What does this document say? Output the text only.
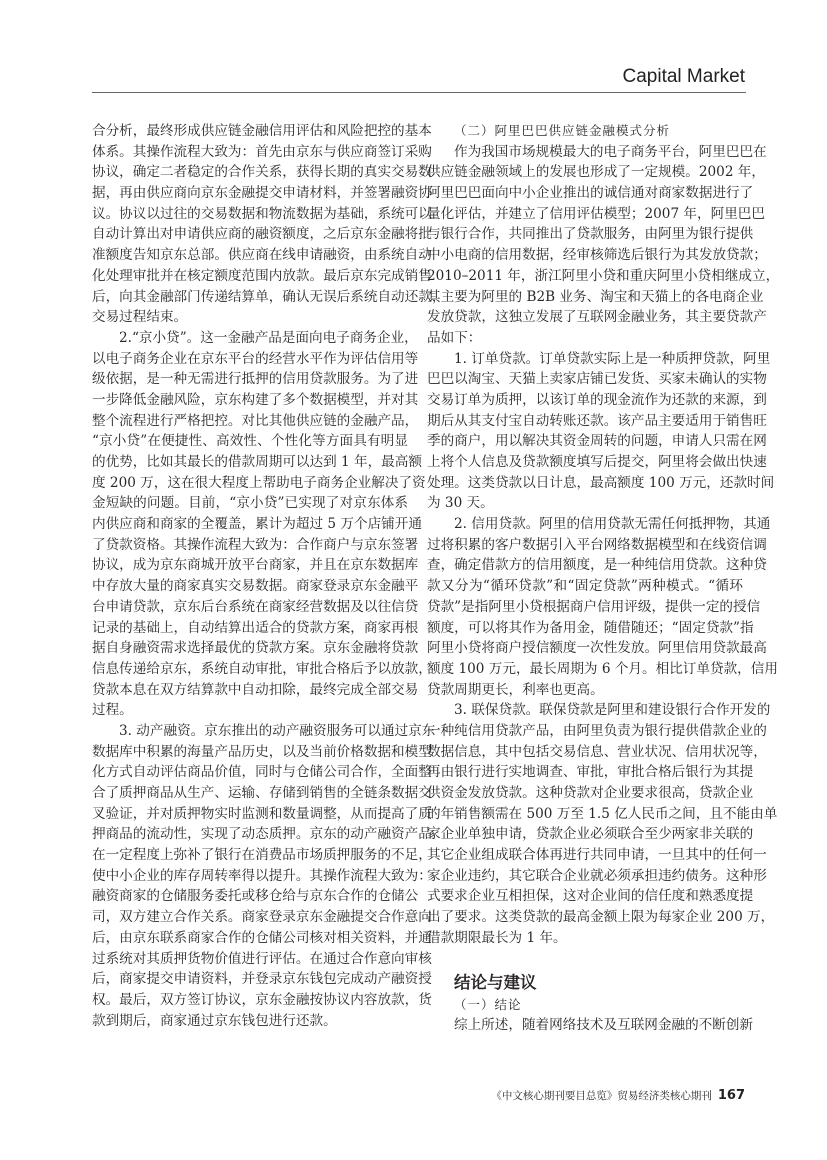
Capital Market
合分析，最终形成供应链金融信用评估和风险把控的基本
体系。其操作流程大致为：首先由京东与供应商签订采购
协议，确定二者稳定的合作关系，获得长期的真实交易数
据，再由供应商向京东金融提交申请材料，并签署融资协
议。协议以过往的交易数据和物流数据为基础，系统可以
自动计算出对申请供应商的融资额度，之后京东金融将批
准额度告知京东总部。供应商在线申请融资，由系统自动
化处理审批并在核定额度范围内放款。最后京东完成销售
后，向其金融部门传递结算单，确认无误后系统自动还款，
交易过程结束。
2.“京小贷”。这一金融产品是面向电子商务企业，
以电子商务企业在京东平台的经营水平作为评估信用等
级依据，是一种无需进行抵押的信用贷款服务。为了进
一步降低金融风险，京东构建了多个数据模型，并对其
整个流程进行严格把控。对比其他供应链的金融产品，
“京小贷”在便捷性、高效性、个性化等方面具有明显
的优势，比如其最长的借款周期可以达到 1 年，最高额
度 200 万，这在很大程度上帮助电子商务企业解决了资
金短缺的问题。目前，“京小贷”已实现了对京东体系
内供应商和商家的全覆盖，累计为超过 5 万个店铺开通
了贷款资格。其操作流程大致为：合作商户与京东签署
协议，成为京东商城开放平台商家，并且在京东数据库
中存放大量的商家真实交易数据。商家登录京东金融平
台申请贷款，京东后台系统在商家经营数据及以往信贷
记录的基础上，自动结算出适合的贷款方案，商家再根
据自身融资需求选择最优的贷款方案。京东金融将贷款
信息传递给京东，系统自动审批，审批合格后予以放款，
贷款本息在双方结算款中自动扣除，最终完成全部交易
过程。
3. 动产融资。京东推出的动产融资服务可以通过京东
数据库中积累的海量产品历史，以及当前价格数据和模型
化方式自动评估商品价值，同时与仓储公司合作，全面整
合了质押商品从生产、运输、存储到销售的全链条数据交
叉验证，并对质押物实时监测和数量调整，从而提高了质
押商品的流动性，实现了动态质押。京东的动产融资产品
在一定程度上弥补了银行在消费品市场质押服务的不足，
使中小企业的库存周转率得以提升。其操作流程大致为：
融资商家的仓储服务委托或移仓给与京东合作的仓储公
司，双方建立合作关系。商家登录京东金融提交合作意向
后，由京东联系商家合作的仓储公司核对相关资料，并通
过系统对其质押货物价值进行评估。在通过合作意向审核
后，商家提交申请资料，并登录京东钱包完成动产融资授
权。最后，双方签订协议，京东金融按协议内容放款，货
款到期后，商家通过京东钱包进行还款。
（二）阿里巴巴供应链金融模式分析
作为我国市场规模最大的电子商务平台，阿里巴巴在
供应链金融领域上的发展也形成了一定规模。2002 年，
阿里巴巴面向中小企业推出的诚信通对商家数据进行了
量化评估，并建立了信用评估模型；2007 年，阿里巴巴
与银行合作，共同推出了贷款服务，由阿里为银行提供
中小电商的信用数据，经审核筛选后银行为其发放贷款；
2010–2011 年，浙江阿里小贷和重庆阿里小贷相继成立，
其主要为阿里的 B2B 业务、淘宝和天猫上的各电商企业
发放贷款，这独立发展了互联网金融业务，其主要贷款产
品如下：
1. 订单贷款。订单贷款实际上是一种质押贷款，阿里
巴巴以淘宝、天猫上卖家店铺已发货、买家未确认的实物
交易订单为质押，以该订单的现金流作为还款的来源，到
期后从其支付宝自动转账还款。该产品主要适用于销售旺
季的商户，用以解决其资金周转的问题，申请人只需在网
上将个人信息及贷款额度填写后提交，阿里将会做出快速
处理。这类贷款以日计息，最高额度 100 万元，还款时间
为 30 天。
2. 信用贷款。阿里的信用贷款无需任何抵押物，其通
过将积累的客户数据引入平台网络数据模型和在线资信调
查，确定借款方的信用额度，是一种纯信用贷款。这种贷
款又分为“循环贷款”和“固定贷款”两种模式。“循环
贷款”是指阿里小贷根据商户信用评级，提供一定的授信
额度，可以将其作为备用金，随借随还；“固定贷款”指
阿里小贷将商户授信额度一次性发放。阿里信用贷款最高
额度 100 万元，最长周期为 6 个月。相比订单贷款，信用
贷款周期更长，利率也更高。
3. 联保贷款。联保贷款是阿里和建设银行合作开发的
一种纯信用贷款产品，由阿里负责为银行提供借款企业的
数据信息，其中包括交易信息、营业状况、信用状况等，
再由银行进行实地调查、审批，审批合格后银行为其提
供资金发放贷款。这种贷款对企业要求很高，贷款企业
的年销售额需在 500 万至 1.5 亿人民币之间，且不能由单
家企业单独申请，贷款企业必须联合至少两家非关联的
其它企业组成联合体再进行共同申请，一旦其中的任何一
家企业违约，其它联合企业就必须承担违约债务。这种形
式要求企业互相担保，这对企业间的信任度和熟悉度提
出了要求。这类贷款的最高金额上限为每家企业 200 万，
借款期限最长为 1 年。
结论与建议
（一）结论
综上所述，随着网络技术及互联网金融的不断创新
《中文核心期刊要目总览》贸易经济类核心期刊 167
